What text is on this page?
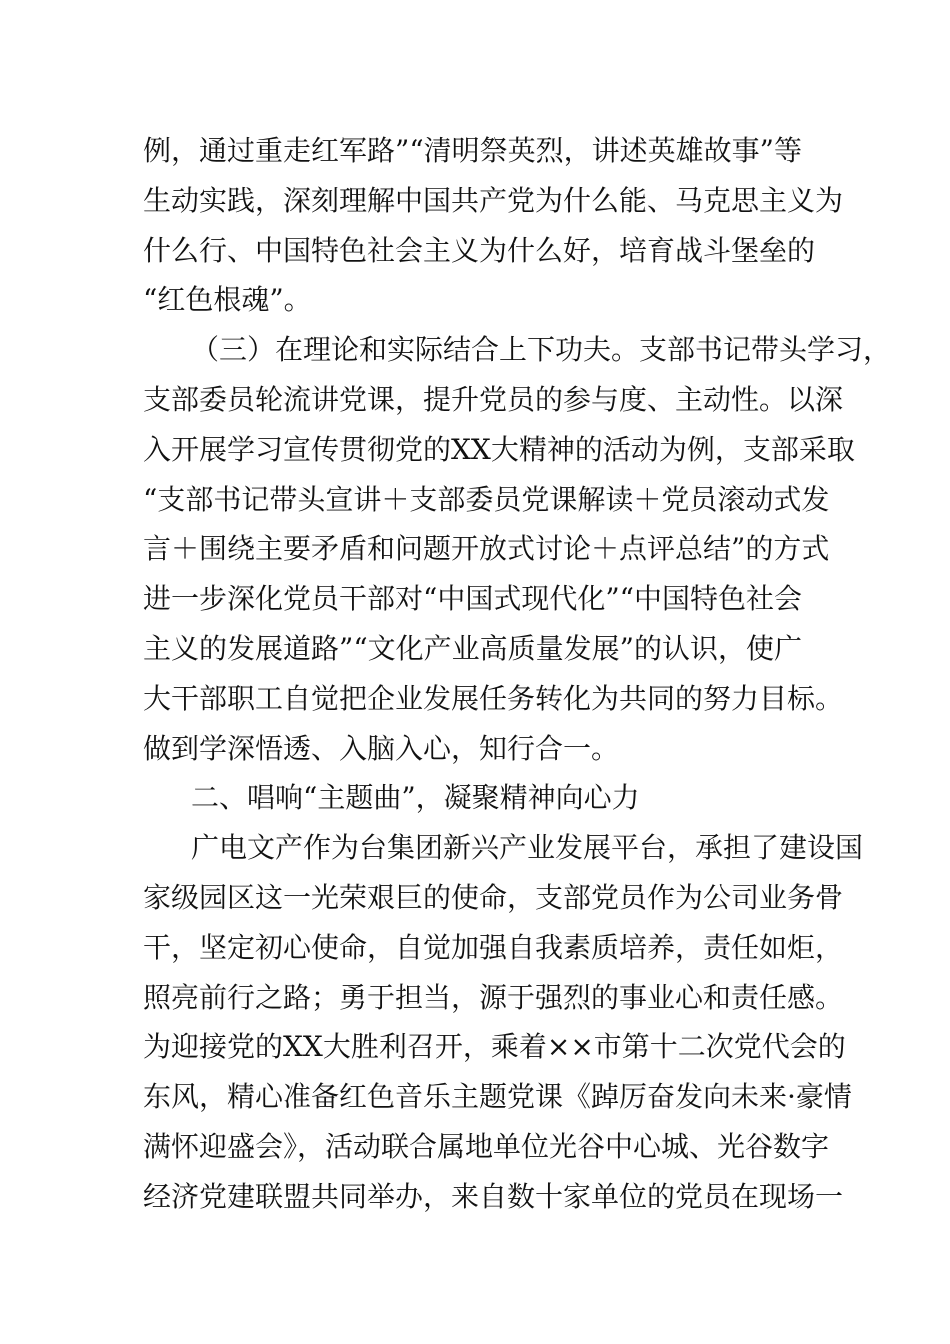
例，通过重走红军路”“清明祭英烈，讲述英雄故事”等
生动实践，深刻理解中国共产党为什么能、马克思主义为
什么行、中国特色社会主义为什么好，培育战斗堡垒的
“红色根魂”。
（三）在理论和实际结合上下功夫。支部书记带头学习，
支部委员轮流讲党课，提升党员的参与度、主动性。以深
入开展学习宣传贯彻党的XX大精神的活动为例，支部采取
“支部书记带头宣讲＋支部委员党课解读＋党员滚动式发
言＋围绕主要矛盾和问题开放式讨论＋点评总结”的方式
进一步深化党员干部对“中国式现代化”“中国特色社会
主义的发展道路”“文化产业高质量发展”的认识，使广
大干部职工自觉把企业发展任务转化为共同的努力目标。
做到学深悟透、入脑入心，知行合一。
二、唱响“主题曲”，凝聚精神向心力
广电文产作为台集团新兴产业发展平台，承担了建设国
家级园区这一光荣艰巨的使命，支部党员作为公司业务骨
干，坚定初心使命，自觉加强自我素质培养，责任如炬，
照亮前行之路；勇于担当，源于强烈的事业心和责任感。
为迎接党的XX大胜利召开，乘着××市第十二次党代会的
东风，精心准备红色音乐主题党课《踔厉奋发向未来·豪情
满怀迎盛会》，活动联合属地单位光谷中心城、光谷数字
经济党建联盟共同举办，来自数十家单位的党员在现场一
